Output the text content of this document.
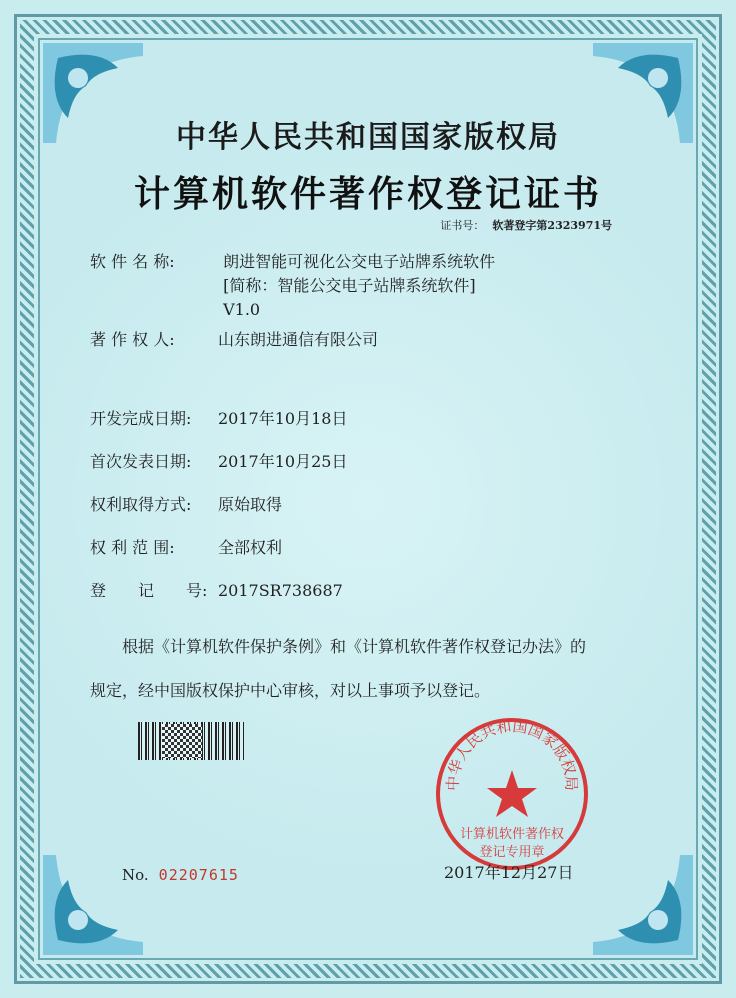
中华人民共和国国家版权局
计算机软件著作权登记证书
证书号： 软著登字第2323971号
软 件 名 称:	朗进智能可视化公交电子站牌系统软件
[简称：智能公交电子站牌系统软件]
V1.0
著 作 权 人:	山东朗进通信有限公司
开发完成日期: 2017年10月18日
首次发表日期: 2017年10月25日
权利取得方式: 原始取得
权 利 范 围:	全部权利
登　　记　　号: 2017SR738687
根据《计算机软件保护条例》和《计算机软件著作权登记办法》的
规定，经中国版权保护中心审核，对以上事项予以登记。
中华人民共和国国家版权局
计算机软件著作权
登记专用章
No. 02207615	2017年12月27日
